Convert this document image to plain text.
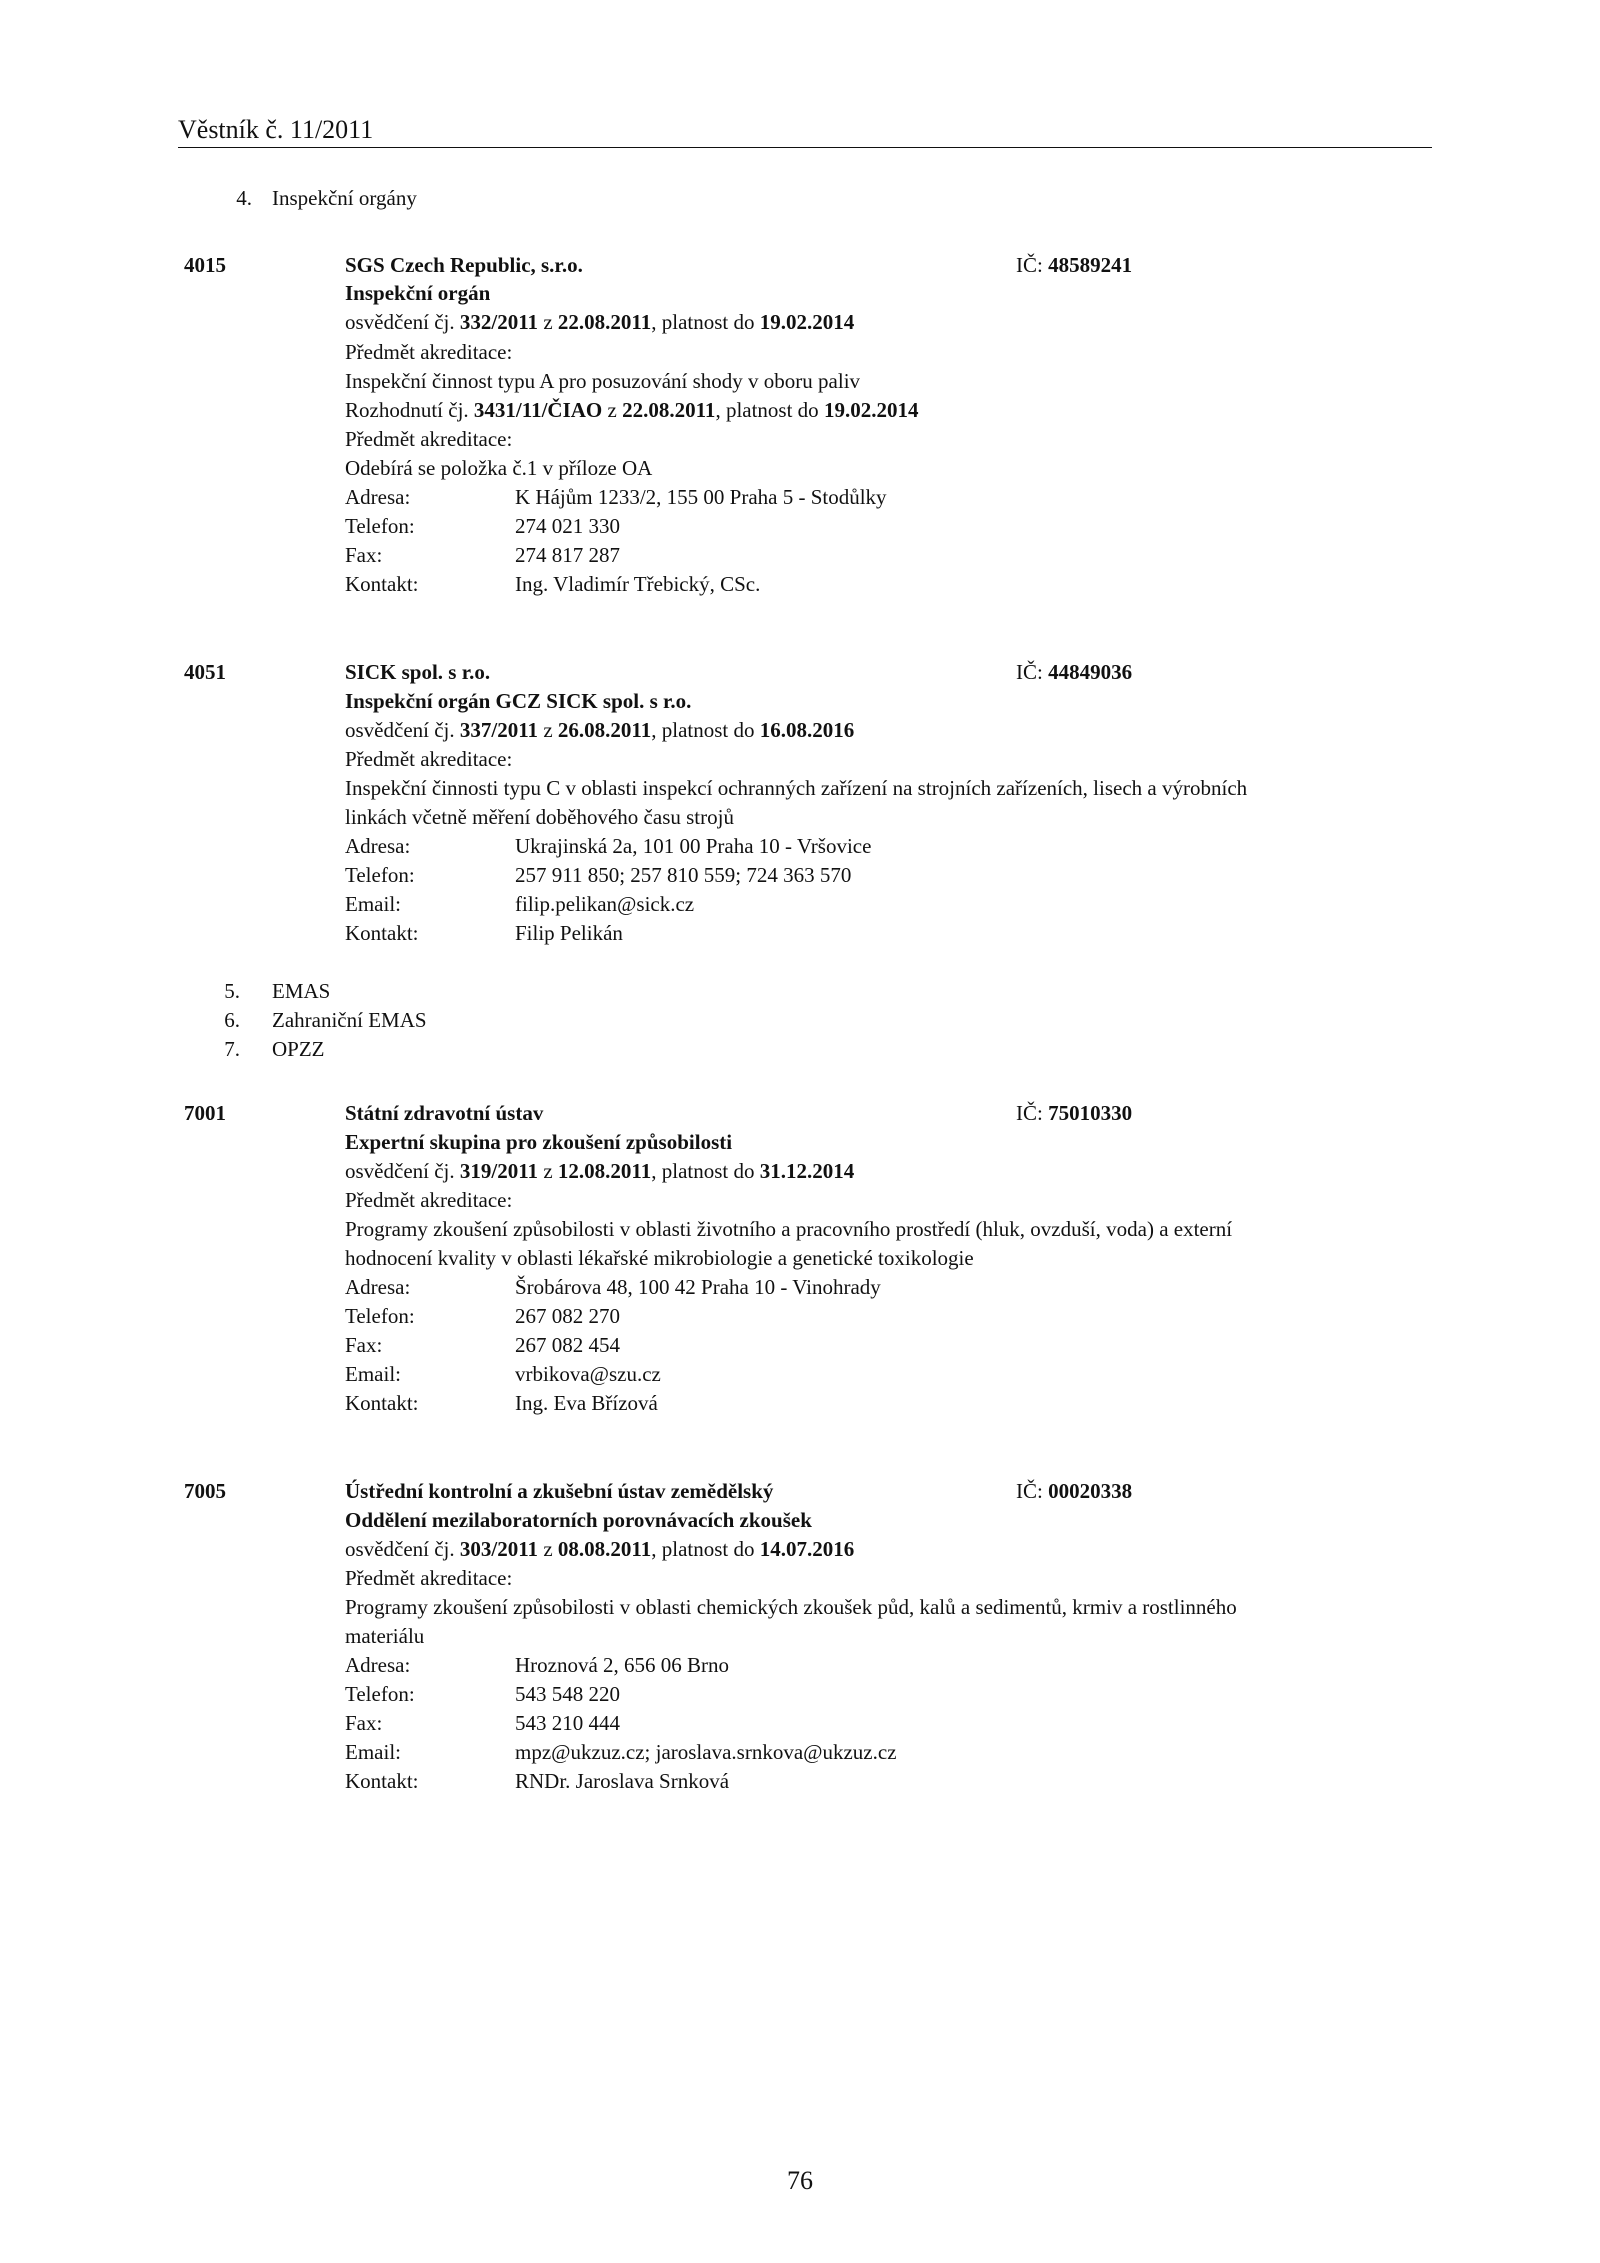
Věstník č. 11/2011
4. Inspekční orgány
4015	SGS Czech Republic, s.r.o.	IČ: 48589241
Inspekční orgán
osvědčení čj. 332/2011 z 22.08.2011, platnost do 19.02.2014
Předmět akreditace:
Inspekční činnost typu A pro posuzování shody v oboru paliv
Rozhodnutí čj. 3431/11/ČIAO z 22.08.2011, platnost do 19.02.2014
Předmět akreditace:
Odebírá se položka č.1 v příloze OA
Adresa:	K Hájům 1233/2, 155 00 Praha 5 - Stodůlky
Telefon:	274 021 330
Fax:	274 817 287
Kontakt:	Ing. Vladimír Třebický, CSc.
4051	SICK spol. s r.o.	IČ: 44849036
Inspekční orgán GCZ SICK spol. s r.o.
osvědčení čj. 337/2011 z 26.08.2011, platnost do 16.08.2016
Předmět akreditace:
Inspekční činnosti typu C v oblasti inspekcí ochranných zařízení na strojních zařízeních, lisech a výrobních
linkách včetně měření doběhového času strojů
Adresa:	Ukrajinská 2a, 101 00 Praha 10 - Vršovice
Telefon:	257 911 850; 257 810 559; 724 363 570
Email:	filip.pelikan@sick.cz
Kontakt:	Filip Pelikán
5. EMAS
6. Zahraniční EMAS
7. OPZZ
7001	Státní zdravotní ústav	IČ: 75010330
Expertní skupina pro zkoušení způsobilosti
osvědčení čj. 319/2011 z 12.08.2011, platnost do 31.12.2014
Předmět akreditace:
Programy zkoušení způsobilosti v oblasti životního a pracovního prostředí (hluk, ovzduší, voda) a externí
hodnocení kvality v oblasti lékařské mikrobiologie a genetické toxikologie
Adresa:	Šrobárova 48, 100 42 Praha 10 - Vinohrady
Telefon:	267 082 270
Fax:	267 082 454
Email:	vrbikova@szu.cz
Kontakt:	Ing. Eva Břízová
7005	Ústřední kontrolní a zkušební ústav zemědělský	IČ: 00020338
Oddělení mezilaboratorních porovnávacích zkoušek
osvědčení čj. 303/2011 z 08.08.2011, platnost do 14.07.2016
Předmět akreditace:
Programy zkoušení způsobilosti v oblasti chemických zkoušek půd, kalů a sedimentů, krmiv a rostlinného
materiálu
Adresa:	Hroznová 2, 656 06 Brno
Telefon:	543 548 220
Fax:	543 210 444
Email:	mpz@ukzuz.cz; jaroslava.srnkova@ukzuz.cz
Kontakt:	RNDr. Jaroslava Srnková
76
